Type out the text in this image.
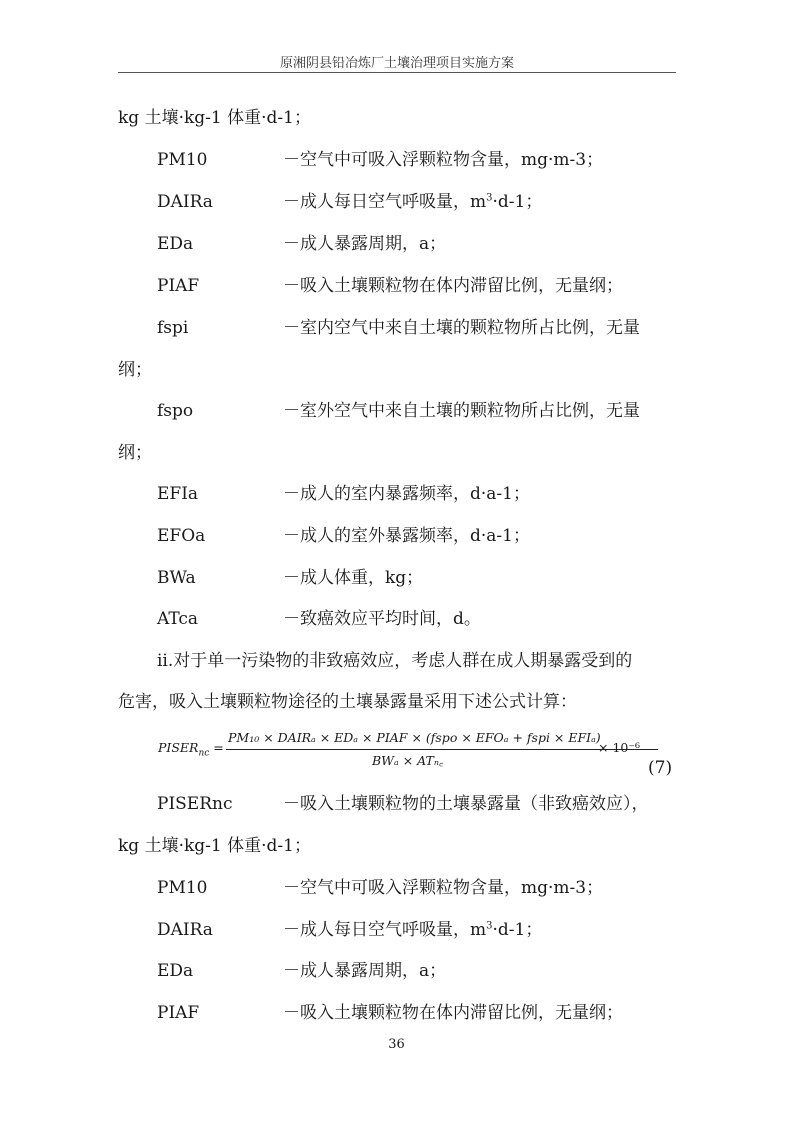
原湘阴县铅冶炼厂土壤治理项目实施方案
kg 土壤·kg-1 体重·d-1；
PM10	－空气中可吸入浮颗粒物含量，mg·m-3；
DAIRa	－成人每日空气呼吸量，$m^3\cdot d-1$；
EDa	－成人暴露周期，a；
PIAF	－吸入土壤颗粒物在体内滞留比例，无量纲；
fspi	－室内空气中来自土壤的颗粒物所占比例，无量
纲；
fspo	－室外空气中来自土壤的颗粒物所占比例，无量
纲；
EFIa	－成人的室内暴露频率，d·a-1；
EFOa	－成人的室外暴露频率，d·a-1；
BWa	－成人体重，kg；
ATca	－致癌效应平均时间，d。
ii.对于单一污染物的非致癌效应，考虑人群在成人期暴露受到的
危害，吸入土壤颗粒物途径的土壤暴露量采用下述公式计算：
$PISER_{nc}$ =
PM₁₀ × DAIRₐ × EDₐ × PIAF × (fspo × EFOₐ + fspi × EFIₐ)
BWₐ × ATₙ꜀
× 10⁻⁶
(7)
PISERnc	－吸入土壤颗粒物的土壤暴露量（非致癌效应），
kg 土壤·kg-1 体重·d-1；
PM10	－空气中可吸入浮颗粒物含量，mg·m-3；
DAIRa	－成人每日空气呼吸量，$m^3\cdot d-1$；
EDa	－成人暴露周期，a；
PIAF	－吸入土壤颗粒物在体内滞留比例，无量纲；
36
